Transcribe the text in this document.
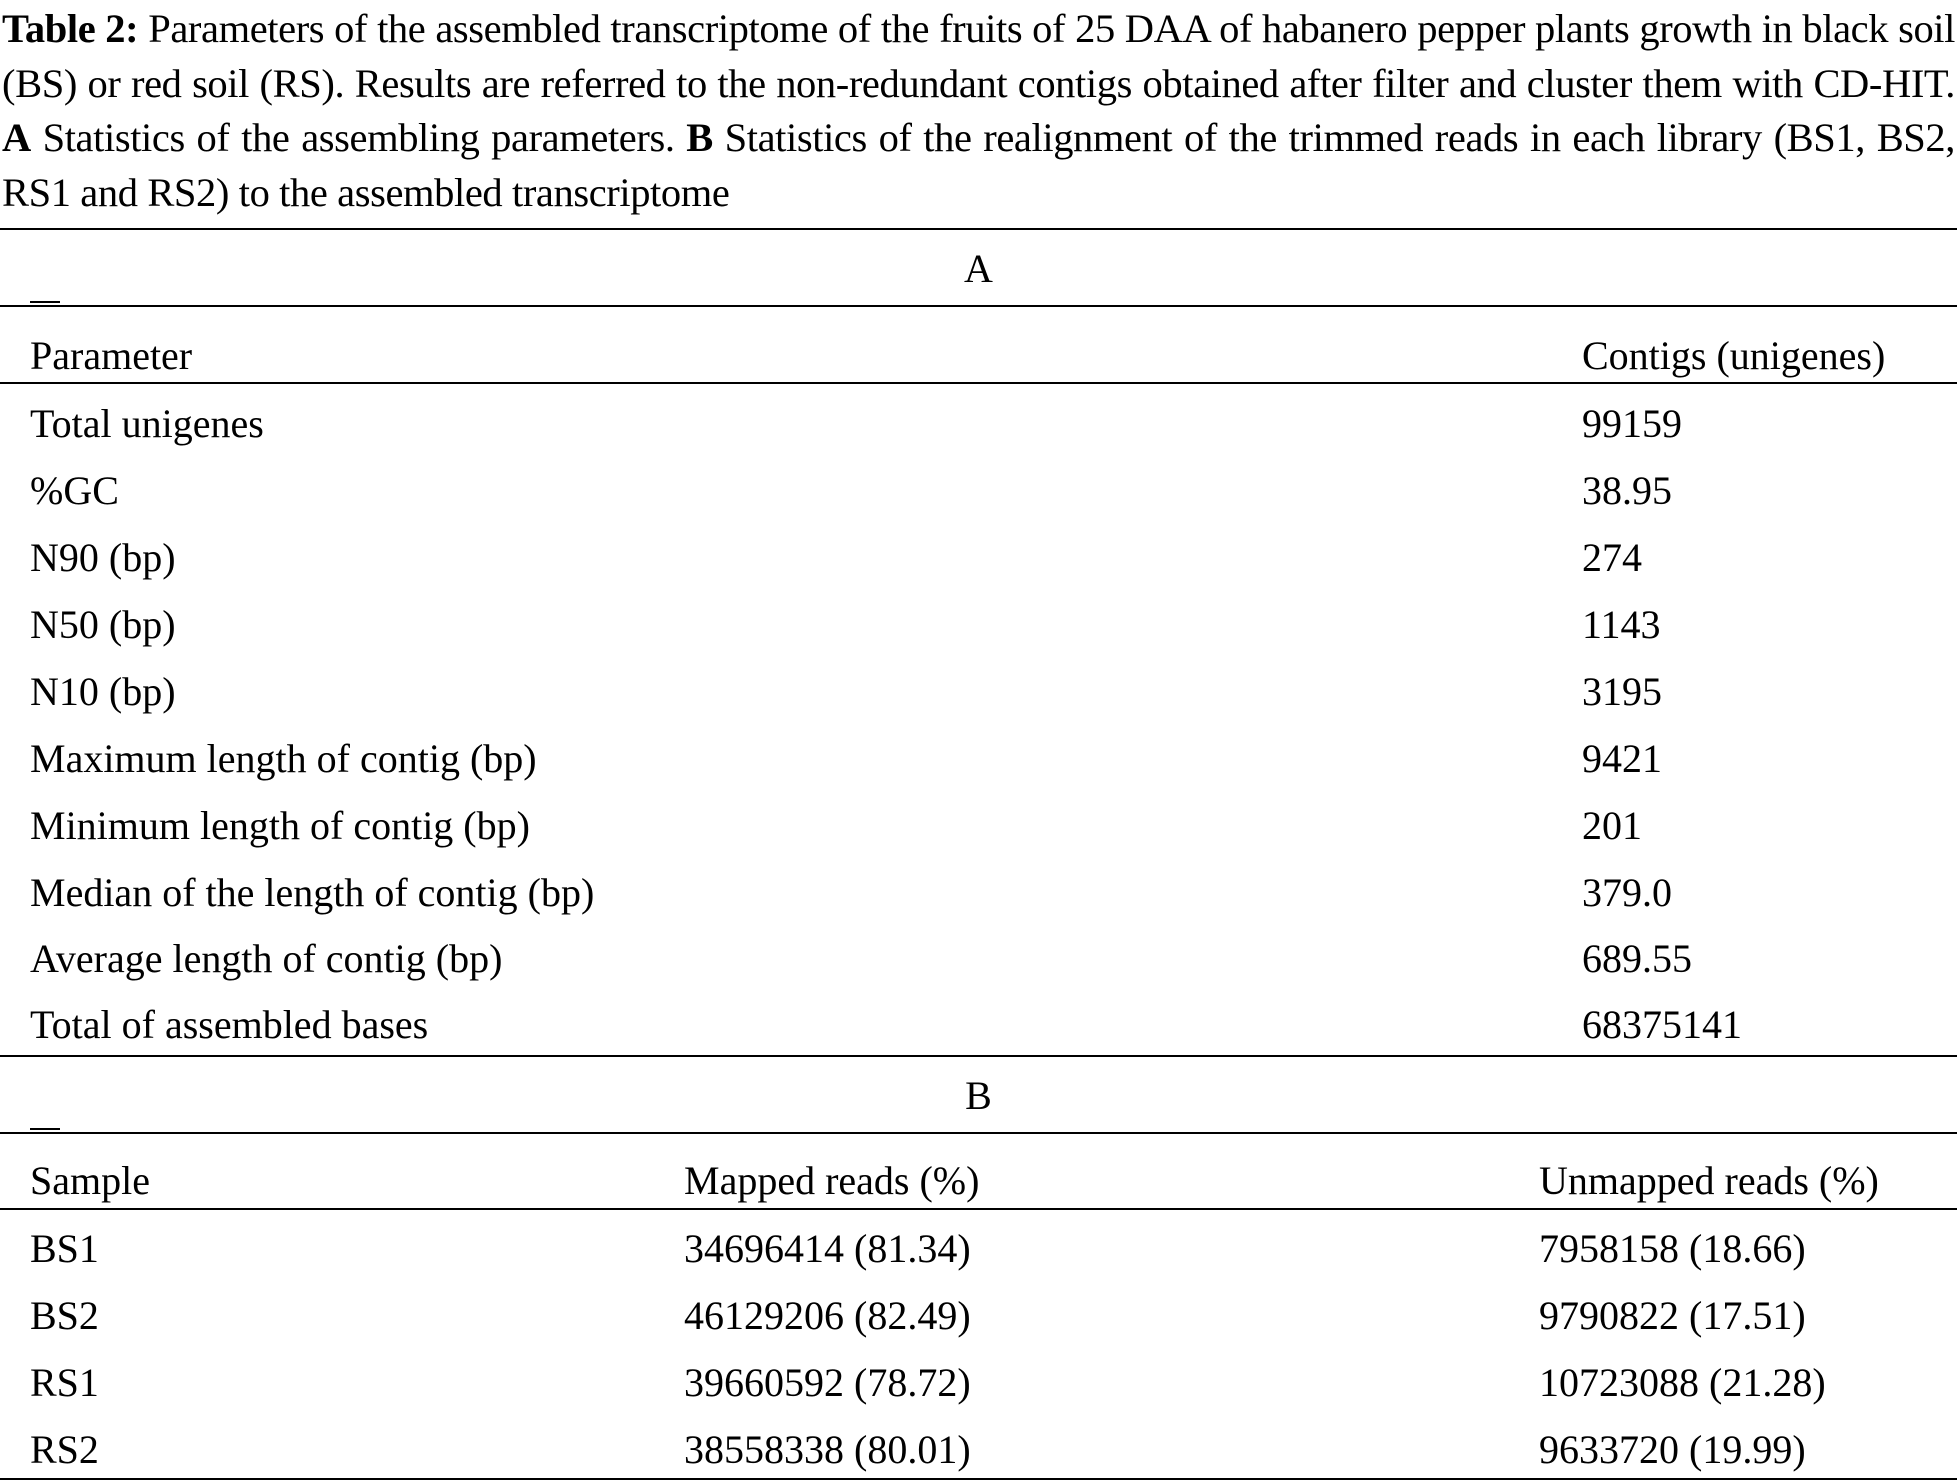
Table 2: Parameters of the assembled transcriptome of the fruits of 25 DAA of habanero pepper plants growth in black soil (BS) or red soil (RS). Results are referred to the non-redundant contigs obtained after filter and cluster them with CD-HIT. A Statistics of the assembling parameters. B Statistics of the realignment of the trimmed reads in each library (BS1, BS2, RS1 and RS2) to the assembled transcriptome
A
Parameter	Contigs (unigenes)
Total unigenes	99159
%GC	38.95
N90 (bp)	274
N50 (bp)	1143
N10 (bp)	3195
Maximum length of contig (bp)	9421
Minimum length of contig (bp)	201
Median of the length of contig (bp)	379.0
Average length of contig (bp)	689.55
Total of assembled bases	68375141
B
Sample	Mapped reads (%)	Unmapped reads (%)
BS1	34696414 (81.34)	7958158 (18.66)
BS2	46129206 (82.49)	9790822 (17.51)
RS1	39660592 (78.72)	10723088 (21.28)
RS2	38558338 (80.01)	9633720 (19.99)
